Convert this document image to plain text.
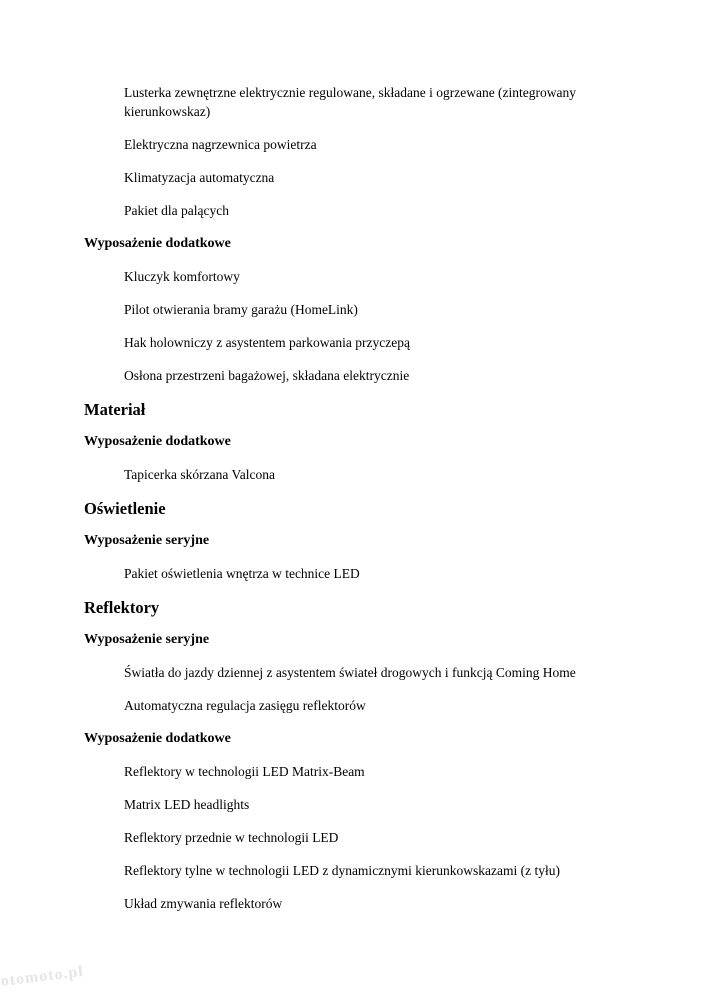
Lusterka zewnętrzne elektrycznie regulowane, składane i ogrzewane (zintegrowany kierunkowskaz)
Elektryczna nagrzewnica powietrza
Klimatyzacja automatyczna
Pakiet dla palących
Wyposażenie dodatkowe
Kluczyk komfortowy
Pilot otwierania bramy garażu (HomeLink)
Hak holowniczy z asystentem parkowania przyczepą
Osłona przestrzeni bagażowej, składana elektrycznie
Materiał
Wyposażenie dodatkowe
Tapicerka skórzana Valcona
Oświetlenie
Wyposażenie seryjne
Pakiet oświetlenia wnętrza w technice LED
Reflektory
Wyposażenie seryjne
Światła do jazdy dziennej z asystentem świateł drogowych i funkcją Coming Home
Automatyczna regulacja zasięgu reflektorów
Wyposażenie dodatkowe
Reflektory w technologii LED Matrix-Beam
Matrix LED headlights
Reflektory przednie w technologii LED
Reflektory tylne w technologii LED z dynamicznymi kierunkowskazami (z tyłu)
Układ zmywania reflektorów
otomoto.pl
